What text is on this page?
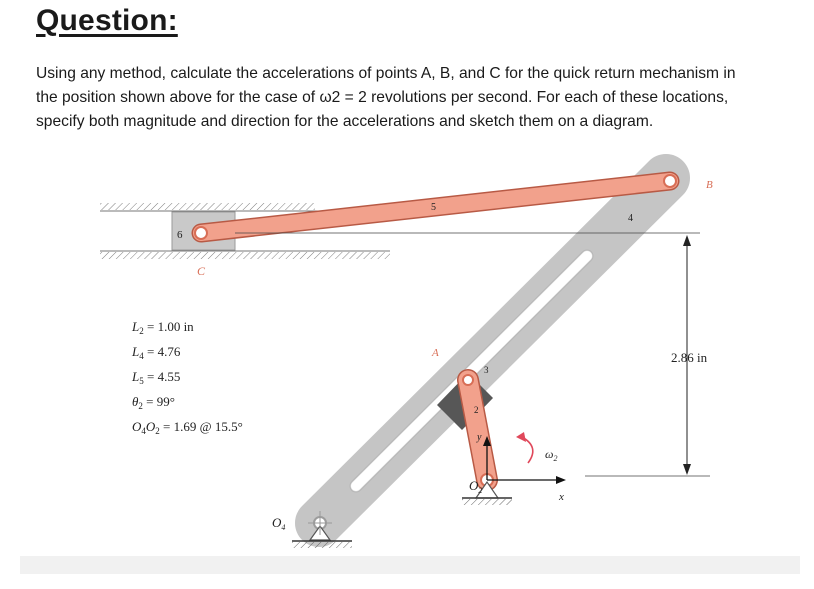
Question:

Using any method, calculate the accelerations of points A, B, and C for the quick return mechanism in
the position shown above for the case of ω2 = 2 revolutions per second. For each of these locations,
specify both magnitude and direction for the accelerations and sketch them on a diagram.

B
C
A
$O_2$
$O_4$
6
5
4
3
2
2.86 in
x
y
$\omega_2$
$L_2 = 1.00$ in
$L_4 = 4.76$
$L_5 = 4.55$
$\theta_2 = 99^\circ$
$O_4O_2 = 1.69$ @ 15.5°
